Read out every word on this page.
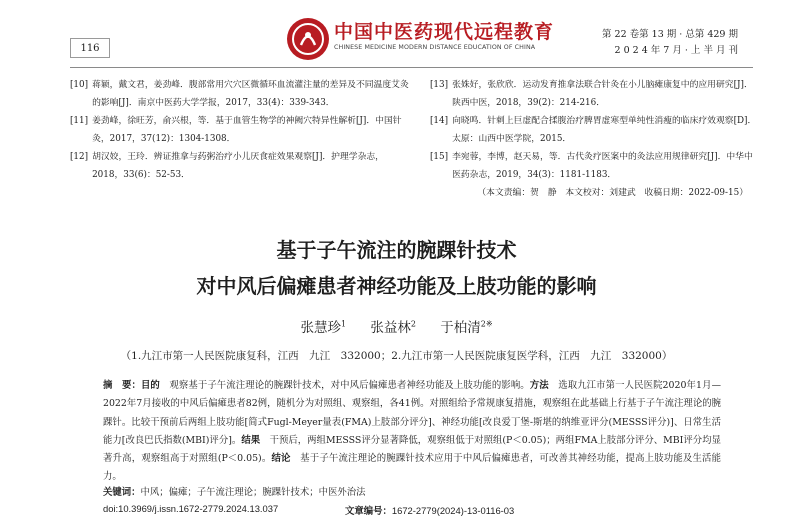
116
中国中医药现代远程教育
CHINESE MEDICINE MODERN DISTANCE EDUCATION OF CHINA
第 22 卷第 13 期 · 总第 429 期
2 0 2 4 年 7 月 · 上 半 月 刊
[10] 蒋颖，戴文君，姜劲峰．腹部常用穴穴区微循环血流灌注量的差异及不同温度艾灸的影响[J]．南京中医药大学学报，2017，33(4)：339-343．
[11] 姜劲峰，徐旺芳，俞兴根，等．基于血管生物学的神阙穴特异性解析[J]．中国针灸，2017，37(12)：1304-1308．
[12] 胡汉姣，王玲．辨证推拿与药粥治疗小儿厌食症效果观察[J]．护理学杂志，2018，33(6)：52-53．
[13] 张姝好，张欣欣．运动发育推拿法联合针灸在小儿脑瘫康复中的应用研究[J]．陕西中医，2018，39(2)：214-216．
[14] 向晓鸣．针刺上巨虚配合揉腹治疗脾胃虚寒型单纯性消瘦的临床疗效观察[D]．太原：山西中医学院，2015．
[15] 李宛蓉，李博，赵天易，等．古代灸疗医案中的灸法应用规律研究[J]．中华中医药杂志，2019，34(3)：1181-1183．
（本文责编：贺　静　本文校对：刘建武　收稿日期：2022-09-15）
基于子午流注的腕踝针技术
对中风后偏瘫患者神经功能及上肢功能的影响
张慧珍$^1$ 张益林$^2$ 于柏清$^{2※}$
（1.九江市第一人民医院康复科，江西　九江　332000；2.九江市第一人民医院康复医学科，江西　九江　332000）
摘　要：目的　观察基于子午流注理论的腕踝针技术，对中风后偏瘫患者神经功能及上肢功能的影响。方法　选取九江市第一人民医院2020年1月—2022年7月接收的中风后偏瘫患者82例，随机分为对照组、观察组，各41例。对照组给予常规康复措施，观察组在此基础上行基于子午流注理论的腕踝针。比较干预前后两组上肢功能[简式Fugl-Meyer量表(FMA)上肢部分评分]、神经功能[改良爱丁堡-斯堪的纳维亚评分(MESSS评分)]、日常生活能力[改良巴氏指数(MBI)评分]。结果　干预后，两组MESSS评分显著降低，观察组低于对照组(P＜0.05)；两组FMA上肢部分评分、MBI评分均显著升高，观察组高于对照组(P＜0.05)。结论　基于子午流注理论的腕踝针技术应用于中风后偏瘫患者，可改善其神经功能，提高上肢功能及生活能力。
关键词：中风；偏瘫；子午流注理论；腕踝针技术；中医外治法
doi:10.3969/j.issn.1672-2779.2024.13.037	文章编号：1672-2779(2024)-13-0116-03
